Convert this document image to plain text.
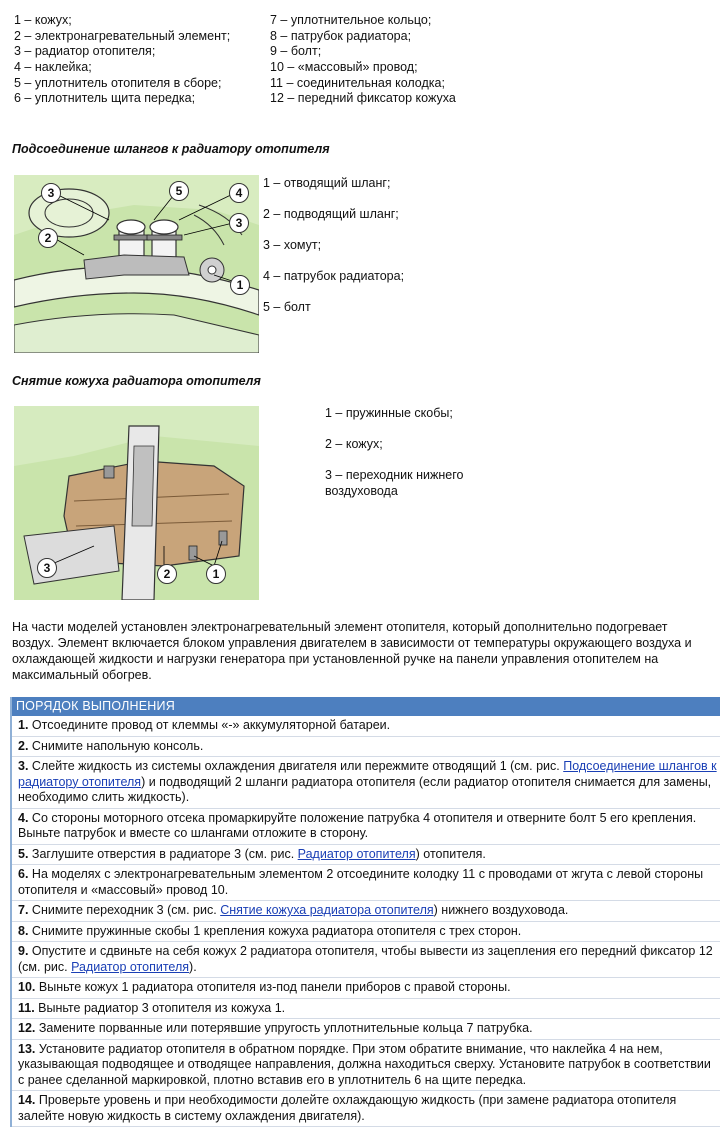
1 – кожух;
2 – электронагревательный элемент;
3 – радиатор отопителя;
4 – наклейка;
5 – уплотнитель отопителя в сборе;
6 – уплотнитель щита передка;
7 – уплотнительное кольцо;
8 – патрубок радиатора;
9 – болт;
10 – «массовый» провод;
11 – соединительная колодка;
12 – передний фиксатор кожуха
Подсоединение шлангов к радиатору отопителя
3	5	4
3
2
1
1 – отводящий шланг;
2 – подводящий шланг;
3 – хомут;
4 – патрубок радиатора;
5 – болт
Снятие кожуха радиатора отопителя
3	2	1
1 – пружинные скобы;
2 – кожух;
3 – переходник нижнего воздуховода
На части моделей установлен электронагревательный элемент отопителя, который дополнительно подогревает воздух. Элемент включается блоком управления двигателем в зависимости от температуры окружающего воздуха и охлаждающей жидкости и нагрузки генератора при установленной ручке на панели управления отопителем на максимальный обогрев.
ПОРЯДОК ВЫПОЛНЕНИЯ
1. Отсоедините провод от клеммы «-» аккумуляторной батареи.
2. Снимите напольную консоль.
3. Слейте жидкость из системы охлаждения двигателя или пережмите отводящий 1 (см. рис. Подсоединение шлангов к радиатору отопителя) и подводящий 2 шланги радиатора отопителя (если радиатор отопителя снимается для замены, необходимо слить жидкость).
4. Со стороны моторного отсека промаркируйте положение патрубка 4 отопителя и отверните болт 5 его крепления. Выньте патрубок и вместе со шлангами отложите в сторону.
5. Заглушите отверстия в радиаторе 3 (см. рис. Радиатор отопителя) отопителя.
6. На моделях с электронагревательным элементом 2 отсоедините колодку 11 с проводами от жгута с левой стороны отопителя и «массовый» провод 10.
7. Снимите переходник 3 (см. рис. Снятие кожуха радиатора отопителя) нижнего воздуховода.
8. Снимите пружинные скобы 1 крепления кожуха радиатора отопителя с трех сторон.
9. Опустите и сдвиньте на себя кожух 2 радиатора отопителя, чтобы вывести из зацепления его передний фиксатор 12 (см. рис. Радиатор отопителя).
10. Выньте кожух 1 радиатора отопителя из-под панели приборов с правой стороны.
11. Выньте радиатор 3 отопителя из кожуха 1.
12. Замените порванные или потерявшие упругость уплотнительные кольца 7 патрубка.
13. Установите радиатор отопителя в обратном порядке. При этом обратите внимание, что наклейка 4 на нем, указывающая подводящее и отводящее направления, должна находиться сверху. Установите патрубок в соответствии с ранее сделанной маркировкой, плотно вставив его в уплотнитель 6 на щите передка.
14. Проверьте уровень и при необходимости долейте охлаждающую жидкость (при замене радиатора отопителя залейте новую жидкость в систему охлаждения двигателя).
